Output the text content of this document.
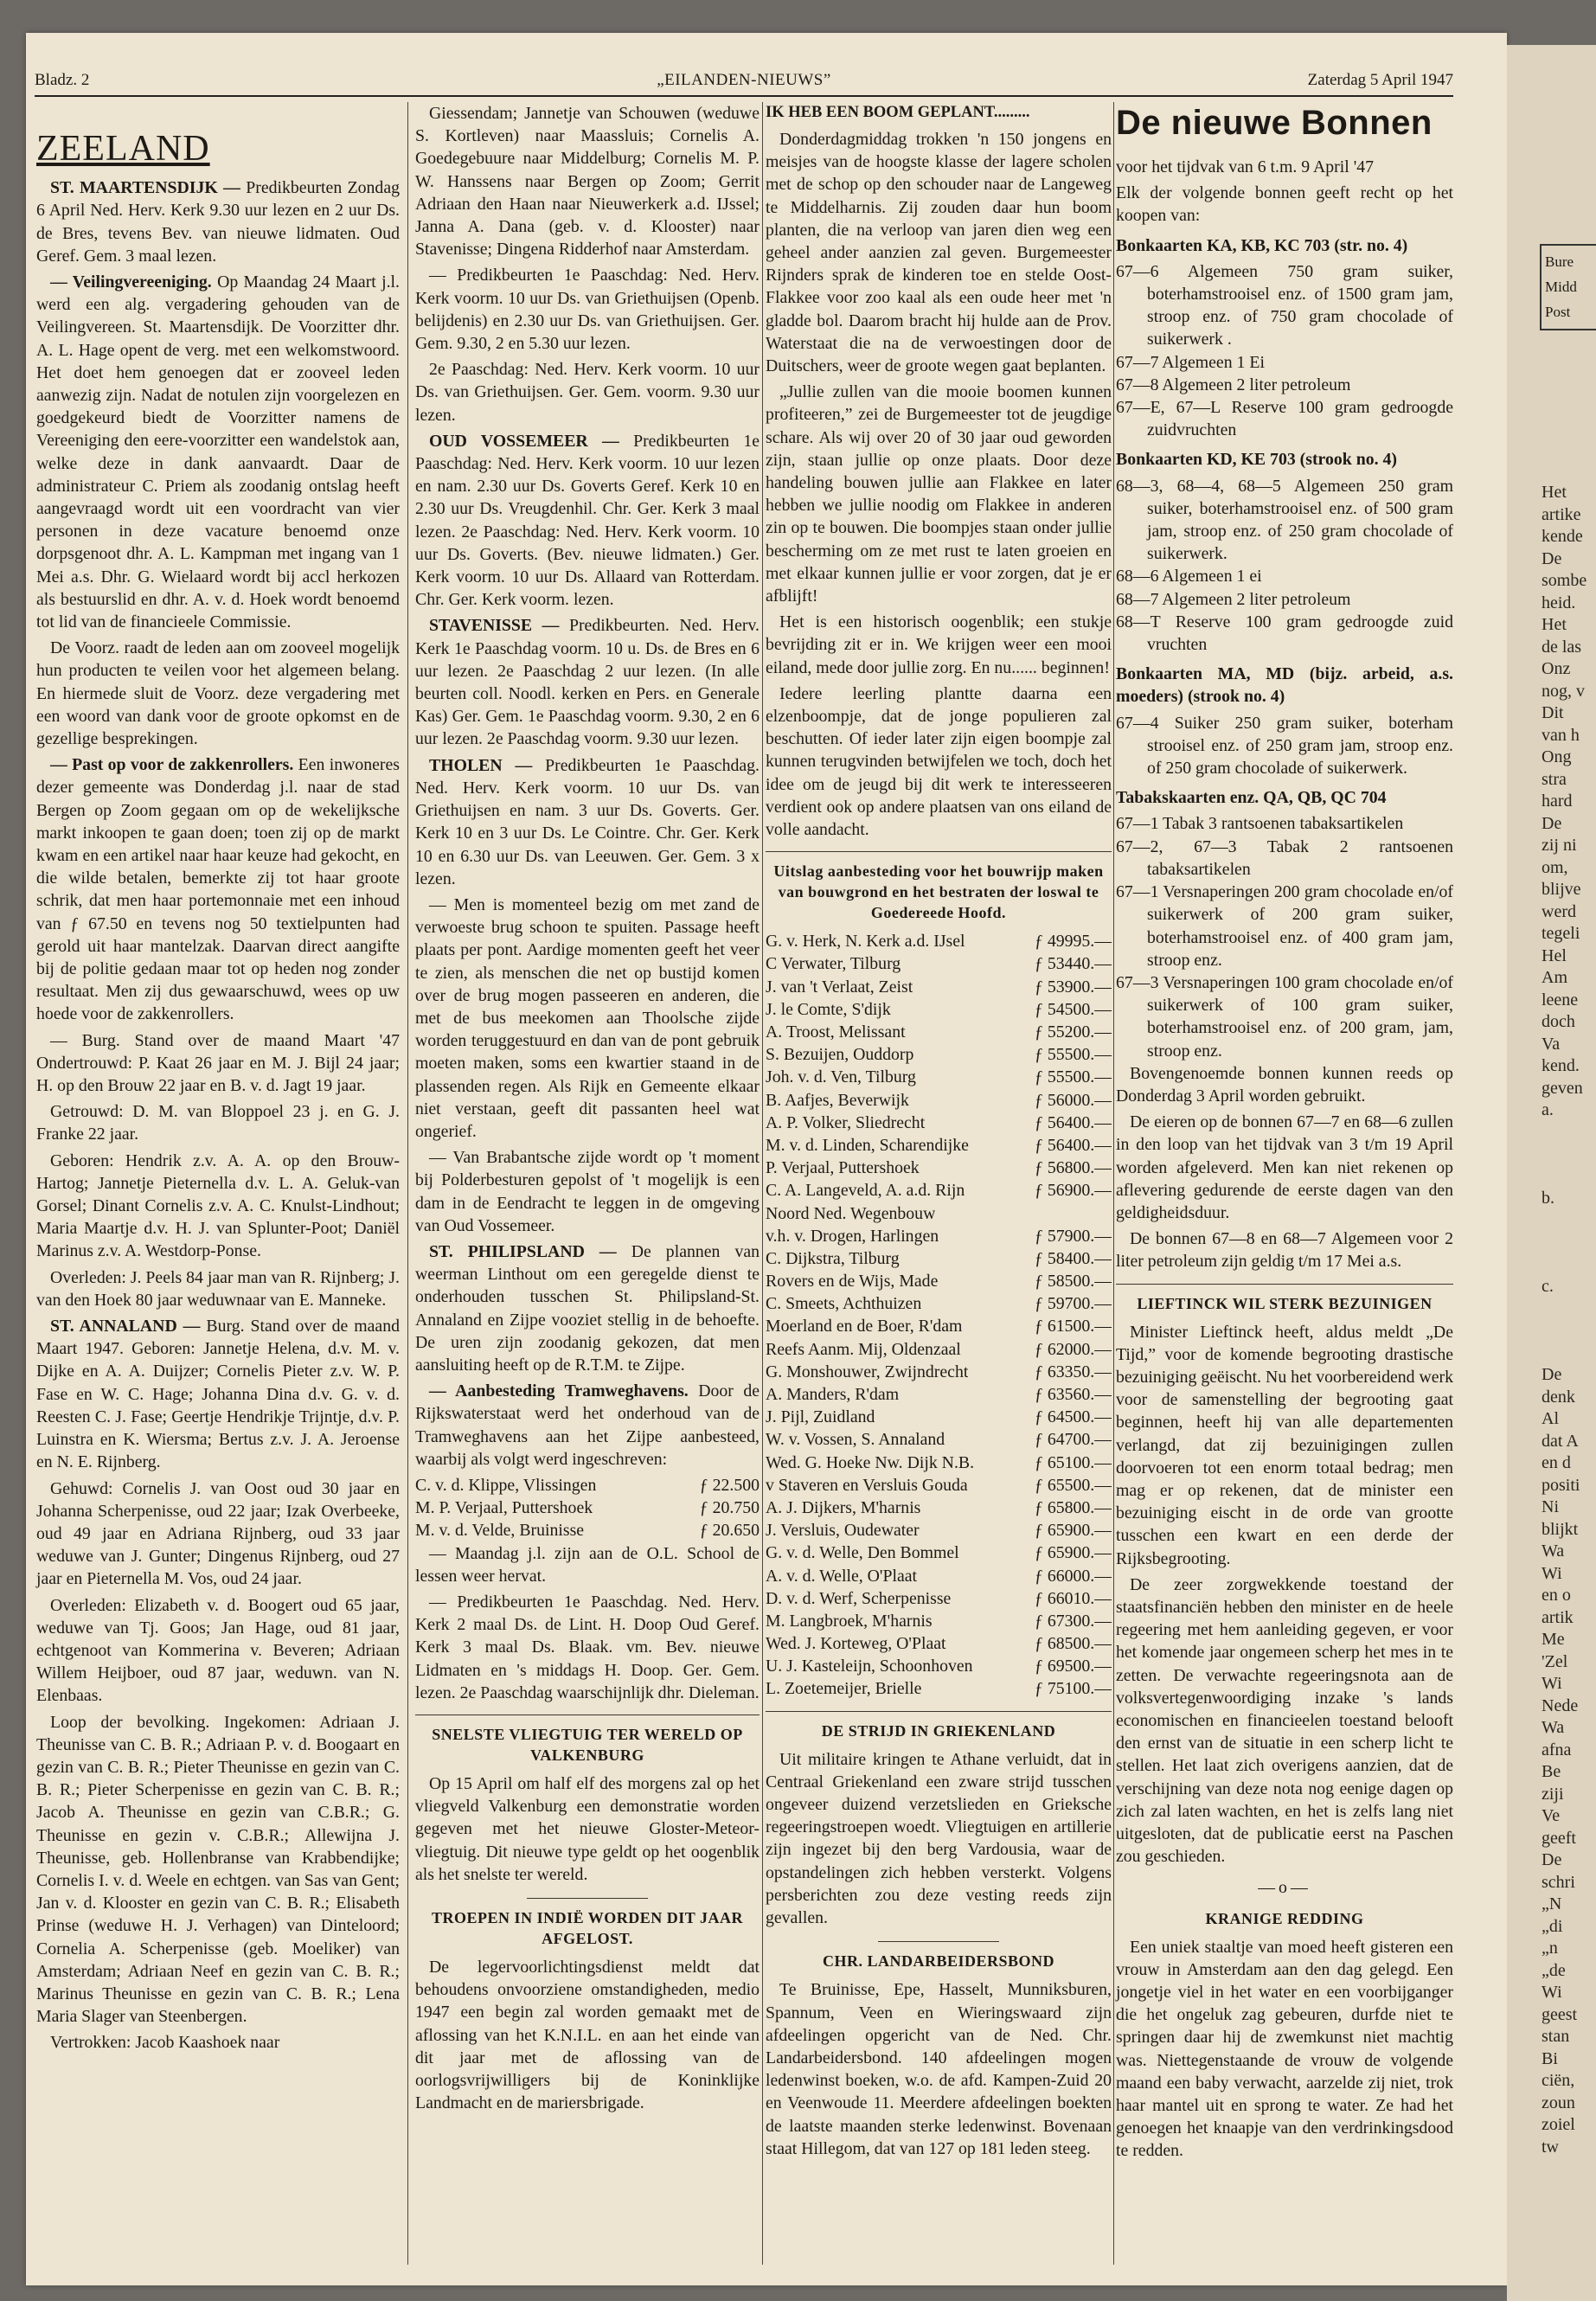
Bure
Midd
Post
Het
artike
kende
De
sombe
heid.
Het
de las
Onz
nog, v
Dit
van h
Ong
stra
hard
De
zij ni
om,
blijve
werd
tegeli
Hel
Am
leene
doch
Va
kend.
geven
a.
b.
c.
De
denk
Al
dat A
en d
positi
Ni
blijkt
Wa
Wi
en o
artik
Me
'Zel
Wi
Nede
Wa
afna
Be
ziji
Ve
geeft
De
schri
„N
„di
„n
„de
Wi
geest
stan
Bi
ciën,
zoun
zoiel
tw
Bladz. 2	„EILANDEN-NIEUWS”	Zaterdag 5 April 1947
ZEELAND

ST. MAARTENSDIJK — Predikbeurten Zondag 6 April Ned. Herv. Kerk 9.30 uur lezen en 2 uur Ds. de Bres, tevens Bev. van nieuwe lidmaten. Oud Geref. Gem. 3 maal lezen.

— Veilingvereeniging. Op Maandag 24 Maart j.l. werd een alg. vergadering gehouden van de Veilingvereen. St. Maartensdijk. De Voorzitter dhr. A. L. Hage opent de verg. met een welkomstwoord. Het doet hem genoegen dat er zooveel leden aanwezig zijn. Nadat de notulen zijn voorgelezen en goedgekeurd biedt de Voorzitter namens de Vereeniging den eere-voorzitter een wandelstok aan, welke deze in dank aanvaardt. Daar de administrateur C. Priem als zoodanig ontslag heeft aangevraagd wordt uit een voordracht van vier personen in deze vacature benoemd onze dorpsgenoot dhr. A. L. Kampman met ingang van 1 Mei a.s. Dhr. G. Wielaard wordt bij accl herkozen als bestuurslid en dhr. A. v. d. Hoek wordt benoemd tot lid van de financieele Commissie.

De Voorz. raadt de leden aan om zooveel mogelijk hun producten te veilen voor het algemeen belang. En hiermede sluit de Voorz. deze vergadering met een woord van dank voor de groote opkomst en de gezellige besprekingen.

— Past op voor de zakkenrollers. Een inwoneres dezer gemeente was Donderdag j.l. naar de stad Bergen op Zoom gegaan om op de wekelijksche markt inkoopen te gaan doen; toen zij op de markt kwam en een artikel naar haar keuze had gekocht, en die wilde betalen, bemerkte zij tot haar groote schrik, dat men haar portemonnaie met een inhoud van ƒ 67.50 en tevens nog 50 textielpunten had gerold uit haar mantelzak. Daarvan direct aangifte bij de politie gedaan maar tot op heden nog zonder resultaat. Men zij dus gewaarschuwd, wees op uw hoede voor de zakkenrollers.

— Burg. Stand over de maand Maart '47 Ondertrouwd: P. Kaat 26 jaar en M. J. Bijl 24 jaar; H. op den Brouw 22 jaar en B. v. d. Jagt 19 jaar.

Getrouwd: D. M. van Bloppoel 23 j. en G. J. Franke 22 jaar.

Geboren: Hendrik z.v. A. A. op den Brouw-Hartog; Jannetje Pieternella d.v. L. A. Geluk-van Gorsel; Dinant Cornelis z.v. A. C. Knulst-Lindhout; Maria Maartje d.v. H. J. van Splunter-Poot; Daniël Marinus z.v. A. Westdorp-Ponse.

Overleden: J. Peels 84 jaar man van R. Rijnberg; J. van den Hoek 80 jaar weduwnaar van E. Manneke.

ST. ANNALAND — Burg. Stand over de maand Maart 1947. Geboren: Jannetje Helena, d.v. M. v. Dijke en A. A. Duijzer; Cornelis Pieter z.v. W. P. Fase en W. C. Hage; Johanna Dina d.v. G. v. d. Reesten C. J. Fase; Geertje Hendrikje Trijntje, d.v. P. Luinstra en K. Wiersma; Bertus z.v. J. A. Jeroense en N. E. Rijnberg.

Gehuwd: Cornelis J. van Oost oud 30 jaar en Johanna Scherpenisse, oud 22 jaar; Izak Overbeeke, oud 49 jaar en Adriana Rijnberg, oud 33 jaar weduwe van J. Gunter; Dingenus Rijnberg, oud 27 jaar en Pieternella M. Vos, oud 24 jaar.

Overleden: Elizabeth v. d. Boogert oud 65 jaar, weduwe van Tj. Goos; Jan Hage, oud 81 jaar, echtgenoot van Kommerina v. Beveren; Adriaan Willem Heijboer, oud 87 jaar, weduwn. van N. Elenbaas.

Loop der bevolking. Ingekomen: Adriaan J. Theunisse van C. B. R.; Adriaan P. v. d. Boogaart en gezin van C. B. R.; Pieter Theunisse en gezin van C. B. R.; Pieter Scherpenisse en gezin van C. B. R.; Jacob A. Theunisse en gezin van C.B.R.; G. Theunisse en gezin v. C.B.R.; Allewijna J. Theunisse, geb. Hollenbranse van Krabbendijke; Cornelis I. v. d. Weele en echtgen. van Sas van Gent; Jan v. d. Klooster en gezin van C. B. R.; Elisabeth Prinse (weduwe H. J. Verhagen) van Dinteloord; Cornelia A. Scherpenisse (geb. Moeliker) van Amsterdam; Adriaan Neef en gezin van C. B. R.; Marinus Theunisse en gezin van C. B. R.; Lena Maria Slager van Steenbergen.

Vertrokken: Jacob Kaashoek naar

Giessendam; Jannetje van Schouwen (weduwe S. Kortleven) naar Maassluis; Cornelis A. Goedegebuure naar Middelburg; Cornelis M. P. W. Hanssens naar Bergen op Zoom; Gerrit Adriaan den Haan naar Nieuwerkerk a.d. IJssel; Janna A. Dana (geb. v. d. Klooster) naar Stavenisse; Dingena Ridderhof naar Amsterdam.

— Predikbeurten 1e Paaschdag: Ned. Herv. Kerk voorm. 10 uur Ds. van Griethuijsen (Openb. belijdenis) en 2.30 uur Ds. van Griethuijsen. Ger. Gem. 9.30, 2 en 5.30 uur lezen.

2e Paaschdag: Ned. Herv. Kerk voorm. 10 uur Ds. van Griethuijsen. Ger. Gem. voorm. 9.30 uur lezen.

OUD VOSSEMEER — Predikbeurten 1e Paaschdag: Ned. Herv. Kerk voorm. 10 uur lezen en nam. 2.30 uur Ds. Goverts Geref. Kerk 10 en 2.30 uur Ds. Vreugdenhil. Chr. Ger. Kerk 3 maal lezen. 2e Paaschdag: Ned. Herv. Kerk voorm. 10 uur Ds. Goverts. (Bev. nieuwe lidmaten.) Ger. Kerk voorm. 10 uur Ds. Allaard van Rotterdam. Chr. Ger. Kerk voorm. lezen.

STAVENISSE — Predikbeurten. Ned. Herv. Kerk 1e Paaschdag voorm. 10 u. Ds. de Bres en 6 uur lezen. 2e Paaschdag 2 uur lezen. (In alle beurten coll. Noodl. kerken en Pers. en Generale Kas) Ger. Gem. 1e Paaschdag voorm. 9.30, 2 en 6 uur lezen. 2e Paaschdag voorm. 9.30 uur lezen.

THOLEN — Predikbeurten 1e Paaschdag. Ned. Herv. Kerk voorm. 10 uur Ds. van Griethuijsen en nam. 3 uur Ds. Goverts. Ger. Kerk 10 en 3 uur Ds. Le Cointre. Chr. Ger. Kerk 10 en 6.30 uur Ds. van Leeuwen. Ger. Gem. 3 x lezen.

— Men is momenteel bezig om met zand de verwoeste brug schoon te spuiten. Passage heeft plaats per pont. Aardige momenten geeft het veer te zien, als menschen die net op bustijd komen over de brug mogen passeeren en anderen, die met de bus meekomen aan Thoolsche zijde worden teruggestuurd en dan van de pont gebruik moeten maken, soms een kwartier staand in de plassenden regen. Als Rijk en Gemeente elkaar niet verstaan, geeft dit passanten heel wat ongerief.

— Van Brabantsche zijde wordt op 't moment bij Polderbesturen gepolst of 't mogelijk is een dam in de Eendracht te leggen in de omgeving van Oud Vossemeer.

ST. PHILIPSLAND — De plannen van weerman Linthout om een geregelde dienst te onderhouden tusschen St. Philipsland-St. Annaland en Zijpe vooziet stellig in de behoefte. De uren zijn zoodanig gekozen, dat men aansluiting heeft op de R.T.M. te Zijpe.

— Aanbesteding Tramweghavens. Door de Rijkswaterstaat werd het onderhoud van de Tramweghavens aan het Zijpe aanbesteed, waarbij als volgt werd ingeschreven:

C. v. d. Klippe, Vlissingen	ƒ 22.500
M. P. Verjaal, Puttershoek	ƒ 20.750
M. v. d. Velde, Bruinisse	ƒ 20.650

— Maandag j.l. zijn aan de O.L. School de lessen weer hervat.

— Predikbeurten 1e Paaschdag. Ned. Herv. Kerk 2 maal Ds. de Lint. H. Doop Oud Geref. Kerk 3 maal Ds. Blaak. vm. Bev. nieuwe Lidmaten en 's middags H. Doop. Ger. Gem. lezen. 2e Paaschdag waarschijnlijk dhr. Dieleman.

SNELSTE VLIEGTUIG TER WERELD OP VALKENBURG

Op 15 April om half elf des morgens zal op het vliegveld Valkenburg een demonstratie worden gegeven met het nieuwe Gloster-Meteor-vliegtuig. Dit nieuwe type geldt op het oogenblik als het snelste ter wereld.

TROEPEN IN INDIË WORDEN DIT JAAR AFGELOST.

De legervoorlichtingsdienst meldt dat behoudens onvoorziene omstandigheden, medio 1947 een begin zal worden gemaakt met de aflossing van het K.N.I.L. en aan het einde van dit jaar met de aflossing van de oorlogsvrijwilligers bij de Koninklijke Landmacht en de mariersbrigade.

IK HEB EEN BOOM GEPLANT.........

Donderdagmiddag trokken 'n 150 jongens en meisjes van de hoogste klasse der lagere scholen met de schop op den schouder naar de Langeweg te Middelharnis. Zij zouden daar hun boom planten, die na verloop van jaren dien weg een geheel ander aanzien zal geven. Burgemeester Rijnders sprak de kinderen toe en stelde Oost-Flakkee voor zoo kaal als een oude heer met 'n gladde bol. Daarom bracht hij hulde aan de Prov. Waterstaat die na de verwoestingen door de Duitschers, weer de groote wegen gaat beplanten.

„Jullie zullen van die mooie boomen kunnen profiteeren,” zei de Burgemeester tot de jeugdige schare. Als wij over 20 of 30 jaar oud geworden zijn, staan jullie op onze plaats. Door deze handeling bouwen jullie aan Flakkee en later hebben we jullie noodig om Flakkee in anderen zin op te bouwen. Die boompjes staan onder jullie bescherming om ze met rust te laten groeien en met elkaar kunnen jullie er voor zorgen, dat je er afblijft!

Het is een historisch oogenblik; een stukje bevrijding zit er in. We krijgen weer een mooi eiland, mede door jullie zorg. En nu...... beginnen!

Iedere leerling plantte daarna een elzenboompje, dat de jonge populieren zal beschutten. Of ieder later zijn eigen boompje zal kunnen terugvinden betwijfelen we toch, doch het idee om de jeugd bij dit werk te interesseeren verdient ook op andere plaatsen van ons eiland de volle aandacht.

Uitslag aanbesteding voor het bouwrijp maken van bouwgrond en het bestraten der loswal te Goedereede Hoofd.
G. v. Herk, N. Kerk a.d. IJsel	ƒ 49995.—
C Verwater, Tilburg	ƒ 53440.—
J. van 't Verlaat, Zeist	ƒ 53900.—
J. le Comte, S'dijk	ƒ 54500.—
A. Troost, Melissant	ƒ 55200.—
S. Bezuijen, Ouddorp	ƒ 55500.—
Joh. v. d. Ven, Tilburg	ƒ 55500.—
B. Aafjes, Beverwijk	ƒ 56000.—
A. P. Volker, Sliedrecht	ƒ 56400.—
M. v. d. Linden, Scharendijke	ƒ 56400.—
P. Verjaal, Puttershoek	ƒ 56800.—
C. A. Langeveld, A. a.d. Rijn	ƒ 56900.—
Noord Ned. Wegenbouw
v.h. v. Drogen, Harlingen	ƒ 57900.—
C. Dijkstra, Tilburg	ƒ 58400.—
Rovers en de Wijs, Made	ƒ 58500.—
C. Smeets, Achthuizen	ƒ 59700.—
Moerland en de Boer, R'dam	ƒ 61500.—
Reefs Aanm. Mij, Oldenzaal	ƒ 62000.—
G. Monshouwer, Zwijndrecht	ƒ 63350.—
A. Manders, R'dam	ƒ 63560.—
J. Pijl, Zuidland	ƒ 64500.—
W. v. Vossen, S. Annaland	ƒ 64700.—
Wed. G. Hoeke Nw. Dijk N.B.	ƒ 65100.—
v Staveren en Versluis Gouda	ƒ 65500.—
A. J. Dijkers, M'harnis	ƒ 65800.—
J. Versluis, Oudewater	ƒ 65900.—
G. v. d. Welle, Den Bommel	ƒ 65900.—
A. v. d. Welle, O'Plaat	ƒ 66000.—
D. v. d. Werf, Scherpenisse	ƒ 66010.—
M. Langbroek, M'harnis	ƒ 67300.—
Wed. J. Korteweg, O'Plaat	ƒ 68500.—
U. J. Kasteleijn, Schoonhoven	ƒ 69500.—
L. Zoetemeijer, Brielle	ƒ 75100.—
DE STRIJD IN GRIEKENLAND

Uit militaire kringen te Athane verluidt, dat in Centraal Griekenland een zware strijd tusschen ongeveer duizend verzetslieden en Grieksche regeeringstroepen woedt. Vliegtuigen en artillerie zijn ingezet bij den berg Vardousia, waar de opstandelingen zich hebben versterkt. Volgens persberichten zou deze vesting reeds zijn gevallen.

CHR. LANDARBEIDERSBOND

Te Bruinisse, Epe, Hasselt, Munniksburen, Spannum, Veen en Wieringswaard zijn afdeelingen opgericht van de Ned. Chr. Landarbeidersbond. 140 afdeelingen mogen ledenwinst boeken, w.o. de afd. Kampen-Zuid 20 en Veenwoude 11. Meerdere afdeelingen boekten de laatste maanden sterke ledenwinst. Bovenaan staat Hillegom, dat van 127 op 181 leden steeg.

De nieuwe Bonnen

voor het tijdvak van 6 t.m. 9 April '47

Elk der volgende bonnen geeft recht op het koopen van:

Bonkaarten KA, KB, KC 703 (str. no. 4)

67—6 Algemeen 750 gram suiker, boterhamstrooisel enz. of 1500 gram jam, stroop enz. of 750 gram chocolade of suikerwerk .

67—7 Algemeen 1 Ei

67—8 Algemeen 2 liter petroleum

67—E, 67—L Reserve 100 gram gedroogde zuidvruchten

Bonkaarten KD, KE 703 (strook no. 4)

68—3, 68—4, 68—5 Algemeen 250 gram suiker, boterhamstrooisel enz. of 500 gram jam, stroop enz. of 250 gram chocolade of suikerwerk.

68—6 Algemeen 1 ei

68—7 Algemeen 2 liter petroleum

68—T Reserve 100 gram gedroogde zuid vruchten

Bonkaarten MA, MD (bijz. arbeid, a.s. moeders) (strook no. 4)

67—4 Suiker 250 gram suiker, boterham strooisel enz. of 250 gram jam, stroop enz. of 250 gram chocolade of suikerwerk.

Tabakskaarten enz. QA, QB, QC 704

67—1 Tabak 3 rantsoenen tabaksartikelen

67—2, 67—3 Tabak 2 rantsoenen tabaksartikelen

67—1 Versnaperingen 200 gram chocolade en/of suikerwerk of 200 gram suiker, boterhamstrooisel enz. of 400 gram jam, stroop enz.

67—3 Versnaperingen 100 gram chocolade en/of suikerwerk of 100 gram suiker, boterhamstrooisel enz. of 200 gram, jam, stroop enz.

Bovengenoemde bonnen kunnen reeds op Donderdag 3 April worden gebruikt.

De eieren op de bonnen 67—7 en 68—6 zullen in den loop van het tijdvak van 3 t/m 19 April worden afgeleverd. Men kan niet rekenen op aflevering gedurende de eerste dagen van den geldigheidsduur.

De bonnen 67—8 en 68—7 Algemeen voor 2 liter petroleum zijn geldig t/m 17 Mei a.s.

LIEFTINCK WIL STERK BEZUINIGEN

Minister Lieftinck heeft, aldus meldt „De Tijd,” voor de komende begrooting drastische bezuiniging geëischt. Nu het voorbereidend werk voor de samenstelling der begrooting gaat beginnen, heeft hij van alle departementen verlangd, dat zij bezuinigingen zullen doorvoeren tot een enorm totaal bedrag; men mag er op rekenen, dat de minister een bezuiniging eischt in de orde van grootte tusschen een kwart en een derde der Rijksbegrooting.

De zeer zorgwekkende toestand der staatsfinanciën hebben den minister en de heele regeering met hem aanleiding gegeven, er voor het komende jaar ongemeen scherp het mes in te zetten. De verwachte regeeringsnota aan de volksvertegenwoordiging inzake 's lands economischen en financieelen toestand belooft den ernst van de situatie in een scherp licht te stellen. Het laat zich overigens aanzien, dat de verschijning van deze nota nog eenige dagen op zich zal laten wachten, en het is zelfs lang niet uitgesloten, dat de publicatie eerst na Paschen zou geschieden.

—o—
KRANIGE REDDING

Een uniek staaltje van moed heeft gisteren een vrouw in Amsterdam aan den dag gelegd. Een jongetje viel in het water en een voorbijganger die het ongeluk zag gebeuren, durfde niet te springen daar hij de zwemkunst niet machtig was. Niettegenstaande de vrouw de volgende maand een baby verwacht, aarzelde zij niet, trok haar mantel uit en sprong te water. Ze had het genoegen het knaapje van den verdrinkingsdood te redden.
